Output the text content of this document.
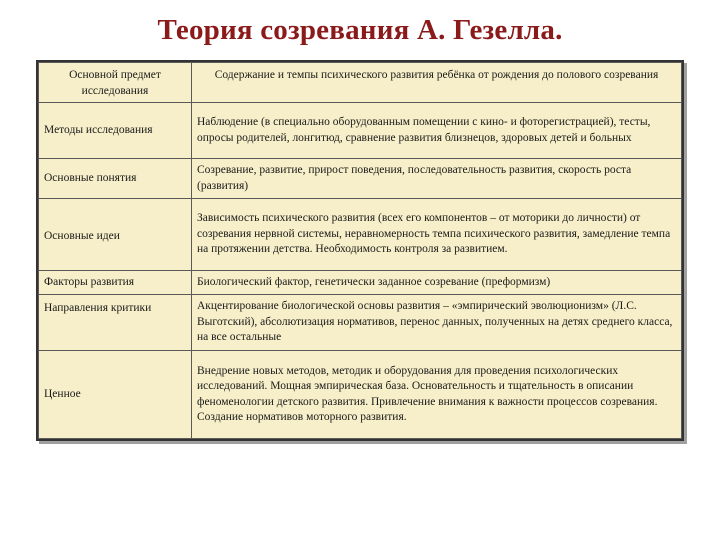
Теория созревания А. Гезелла.
Основной предмет исследования	Содержание и темпы психического развития ребёнка от рождения до полового созревания
Методы исследования	Наблюдение (в специально оборудованным помещении с кино- и фоторегистрацией), тесты, опросы родителей, лонгитюд, сравнение развития близнецов, здоровых детей и больных
Основные понятия	Созревание, развитие, прирост поведения, последовательность развития, скорость роста (развития)
Основные идеи	Зависимость психического развития (всех его компонентов – от моторики до личности) от созревания нервной системы, неравномерность темпа психического развития, замедление темпа на протяжении детства. Необходимость контроля за развитием.
Факторы развития	Биологический фактор, генетически заданное созревание (преформизм)
Направления критики	Акцентирование биологической основы развития – «эмпирический эволюционизм» (Л.С. Выготский), абсолютизация нормативов, перенос данных, полученных на детях среднего класса, на все остальные
Ценное	Внедрение новых методов, методик и оборудования для проведения психологических исследований. Мощная эмпирическая база. Основательность и тщательность в описании феноменологии детского развития. Привлечение внимания к важности процессов созревания. Создание нормативов моторного развития.
